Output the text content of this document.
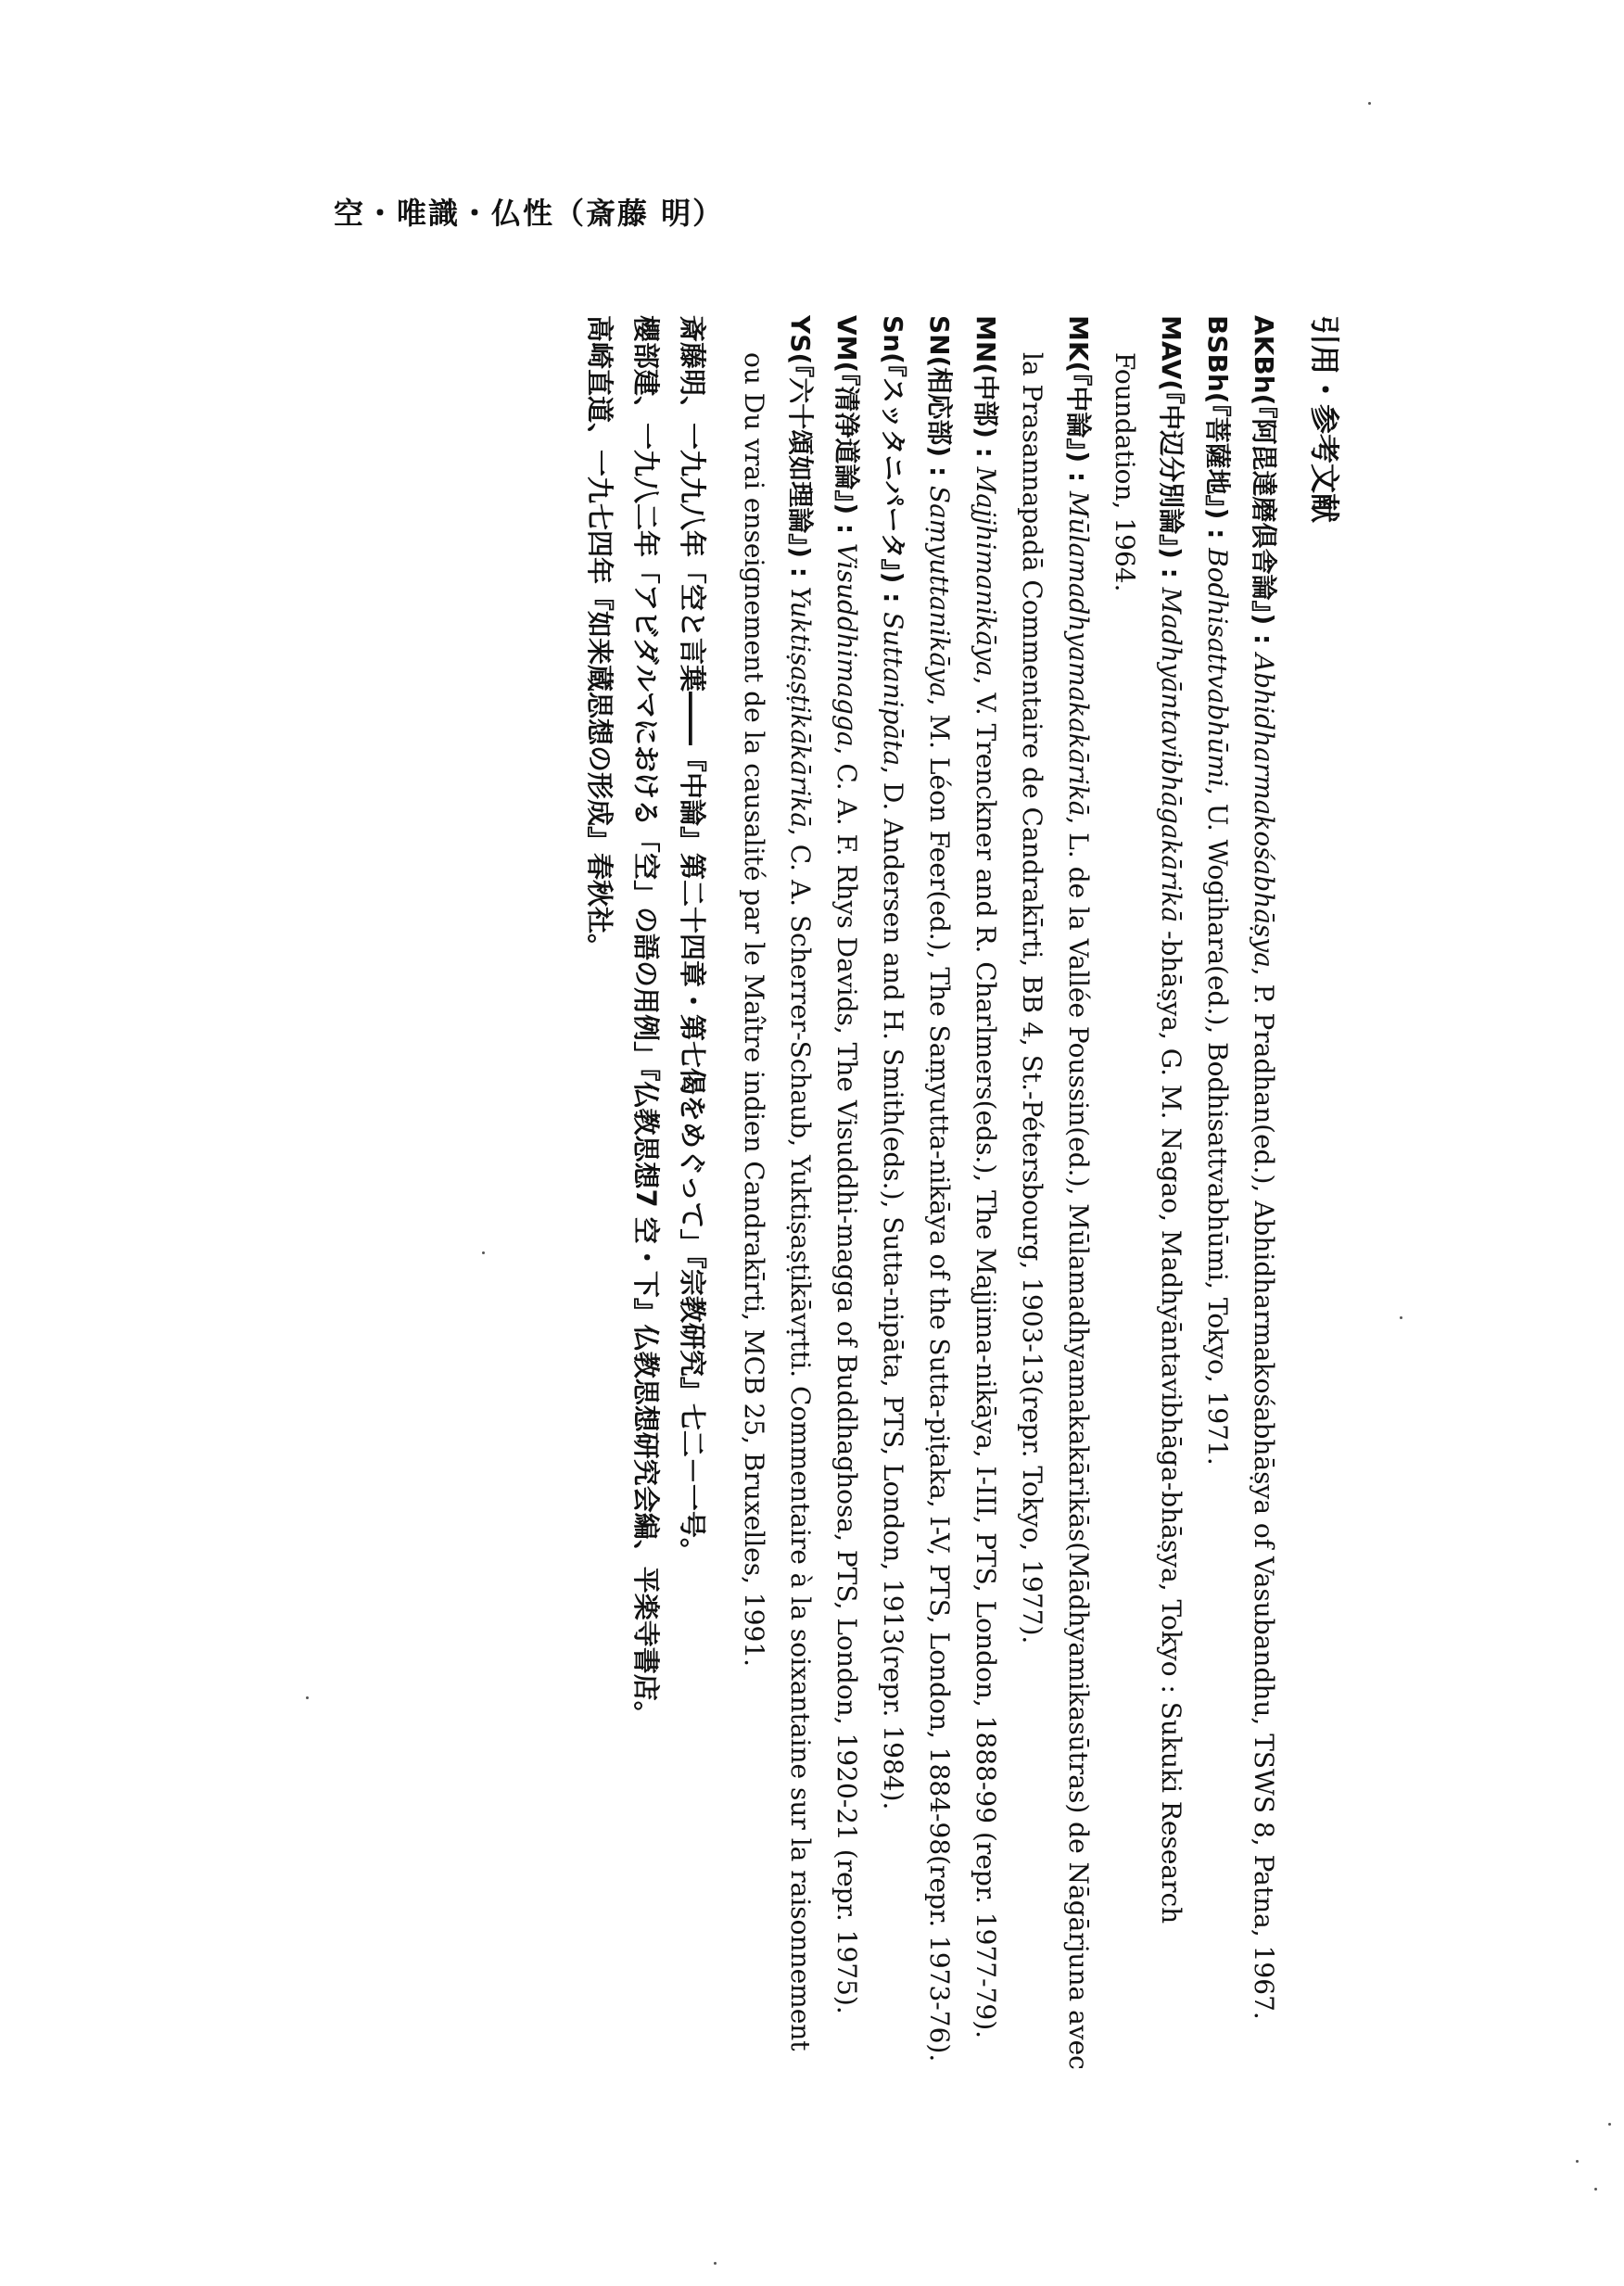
引用・参考文献
AKBh(『阿毘達磨倶舎論』) : Abhidharmakośabhāṣya, P. Pradhan(ed.), Abhidharmakośabhāṣya of Vasubandhu, TSWS 8, Patna, 1967.
BSBh(『菩薩地』) : Bodhisattvabhūmi, U. Wogihara(ed.), Bodhisattvabhūmi, Tokyo, 1971.
MAV(『中辺分別論』) : Madhyāntavibhāgakārikā -bhāṣya, G. M. Nagao, Madhyāntavibhāga-bhāṣya, Tokyo : Sukuki Research Foundation, 1964.
MK(『中論』) : Mūlamadhyamakakārikā, L. de la Vallée Poussin(ed.), Mūlamadhyamakakārikās(Mādhyamikasūtras) de Nāgārjuna avec la Prasannapadā Commentaire de Candrakīrti, BB 4, St.-Pétersbourg, 1903-13(repr. Tokyo, 1977).
MN(中部) : Majjhimanikāya, V. Trenckner and R. Charlmers(eds.), The Majjima-nikāya, I-III, PTS, London, 1888-99 (repr. 1977-79).
SN(相応部) : Saṃyuttanikāya, M. Léon Feer(ed.), The Saṃyutta-nikāya of the Sutta-piṭaka, I-V, PTS, London, 1884-98(repr. 1973-76).
Sn(『スッタニパータ』) : Suttanipāta, D. Andersen and H. Smith(eds.), Sutta-nipāta, PTS, London, 1913(repr. 1984).
VM(『清浄道論』) : Visuddhimagga, C. A. F. Rhys Davids, The Visuddhi-magga of Buddhaghosa, PTS, London, 1920-21 (repr. 1975).
YS(『六十頌如理論』) : Yuktiṣaṣṭikākārikā, C. A. Scherrer-Schaub, Yuktiṣaṣṭikāvṛtti. Commentaire à la soixantaine sur la raisonnement ou Du vrai enseignement de la causalité par le Maître indien Candrakīrti, MCB 25, Bruxelles, 1991.
斎藤明、一九九八年「空と言葉――『中論』第二十四章・第七偈をめぐって」『宗教研究』七二－一号。
櫻部建、一九八二年「アビダルマにおける「空」の語の用例」『仏教思想7 空・下』仏教思想研究会編、平楽寺書店。
高崎直道、一九七四年『如来蔵思想の形成』春秋社。
空・唯識・仏性（斎藤 明）
